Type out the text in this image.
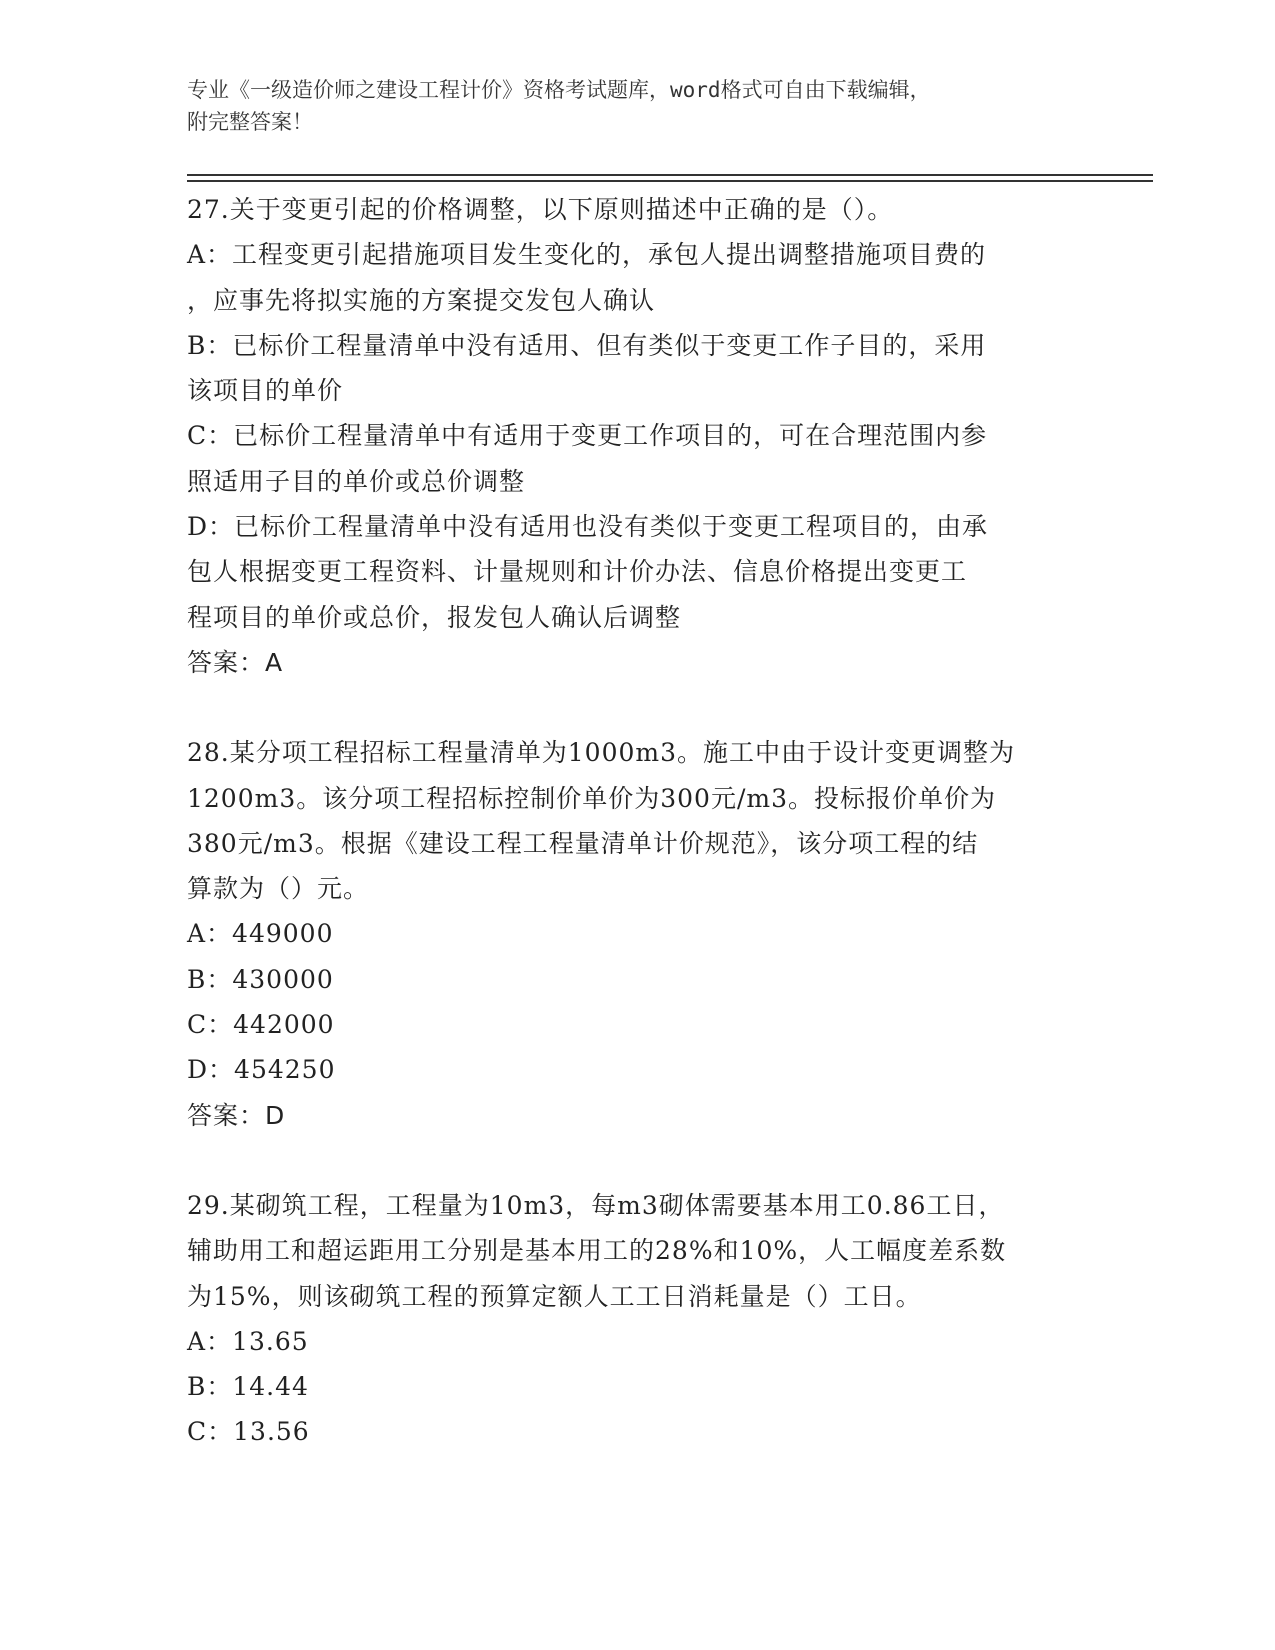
专业《一级造价师之建设工程计价》资格考试题库，word格式可自由下载编辑，
附完整答案！
27.关于变更引起的价格调整，以下原则描述中正确的是（）。
A：工程变更引起措施项目发生变化的，承包人提出调整措施项目费的
，应事先将拟实施的方案提交发包人确认
B：已标价工程量清单中没有适用、但有类似于变更工作子目的，采用
该项目的单价
C：已标价工程量清单中有适用于变更工作项目的，可在合理范围内参
照适用子目的单价或总价调整
D：已标价工程量清单中没有适用也没有类似于变更工程项目的，由承
包人根据变更工程资料、计量规则和计价办法、信息价格提出变更工
程项目的单价或总价，报发包人确认后调整
答案：A
28.某分项工程招标工程量清单为1000m3。施工中由于设计变更调整为
1200m3。该分项工程招标控制价单价为300元/m3。投标报价单价为
380元/m3。根据《建设工程工程量清单计价规范》，该分项工程的结
算款为（）元。
A：449000
B：430000
C：442000
D：454250
答案：D
29.某砌筑工程，工程量为10m3，每m3砌体需要基本用工0.86工日，
辅助用工和超运距用工分别是基本用工的28%和10%，人工幅度差系数
为15%，则该砌筑工程的预算定额人工工日消耗量是（）工日。
A：13.65
B：14.44
C：13.56
